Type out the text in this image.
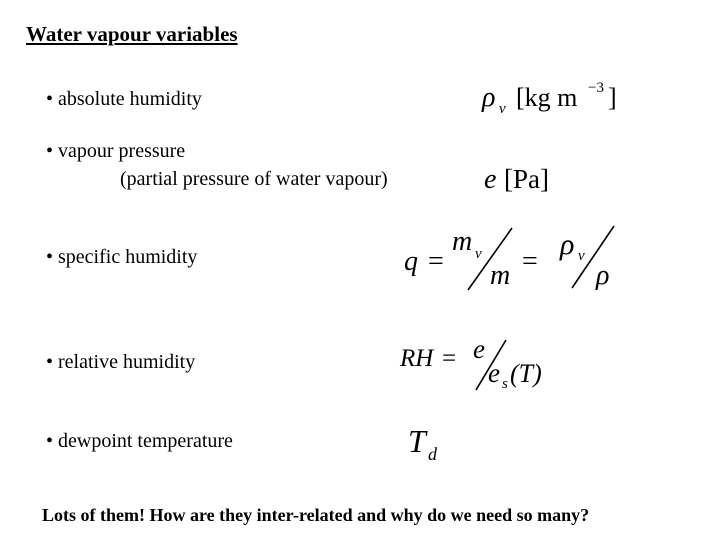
Water vapour variables
• absolute humidity	ρ v [kg m −3 ]
• vapour pressure
(partial pressure of water vapour)	e [Pa]
• specific humidity	q =
m v
m =
ρ v
ρ
• relative humidity	RH = e
e s (T)
• dewpoint temperature	T d
Lots of them! How are they inter-related and why do we need so many?
